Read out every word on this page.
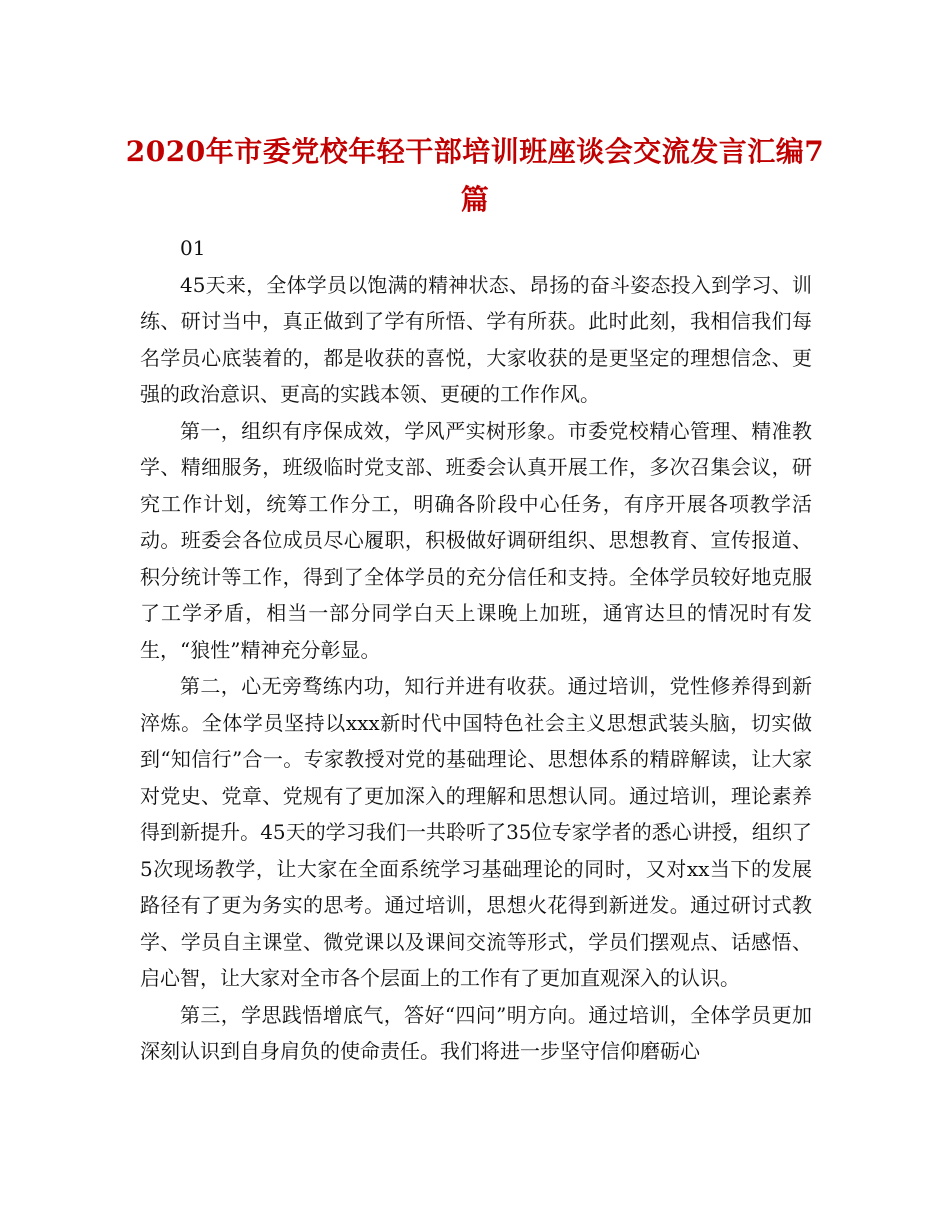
2020年市委党校年轻干部培训班座谈会交流发言汇编7篇

01

45天来，全体学员以饱满的精神状态、昂扬的奋斗姿态投入到学习、训练、研讨当中，真正做到了学有所悟、学有所获。此时此刻，我相信我们每名学员心底装着的，都是收获的喜悦，大家收获的是更坚定的理想信念、更强的政治意识、更高的实践本领、更硬的工作作风。

第一，组织有序保成效，学风严实树形象。市委党校精心管理、精准教学、精细服务，班级临时党支部、班委会认真开展工作，多次召集会议，研究工作计划，统筹工作分工，明确各阶段中心任务，有序开展各项教学活动。班委会各位成员尽心履职，积极做好调研组织、思想教育、宣传报道、积分统计等工作，得到了全体学员的充分信任和支持。全体学员较好地克服了工学矛盾，相当一部分同学白天上课晚上加班，通宵达旦的情况时有发生，“狼性”精神充分彰显。

第二，心无旁骛练内功，知行并进有收获。通过培训，党性修养得到新淬炼。全体学员坚持以xxx新时代中国特色社会主义思想武装头脑，切实做到“知信行”合一。专家教授对党的基础理论、思想体系的精辟解读，让大家对党史、党章、党规有了更加深入的理解和思想认同。通过培训，理论素养得到新提升。45天的学习我们一共聆听了35位专家学者的悉心讲授，组织了5次现场教学，让大家在全面系统学习基础理论的同时，又对xx当下的发展路径有了更为务实的思考。通过培训，思想火花得到新迸发。通过研讨式教学、学员自主课堂、微党课以及课间交流等形式，学员们摆观点、话感悟、启心智，让大家对全市各个层面上的工作有了更加直观深入的认识。

第三，学思践悟增底气，答好“四问”明方向。通过培训，全体学员更加深刻认识到自身肩负的使命责任。我们将进一步坚守信仰磨砺心
